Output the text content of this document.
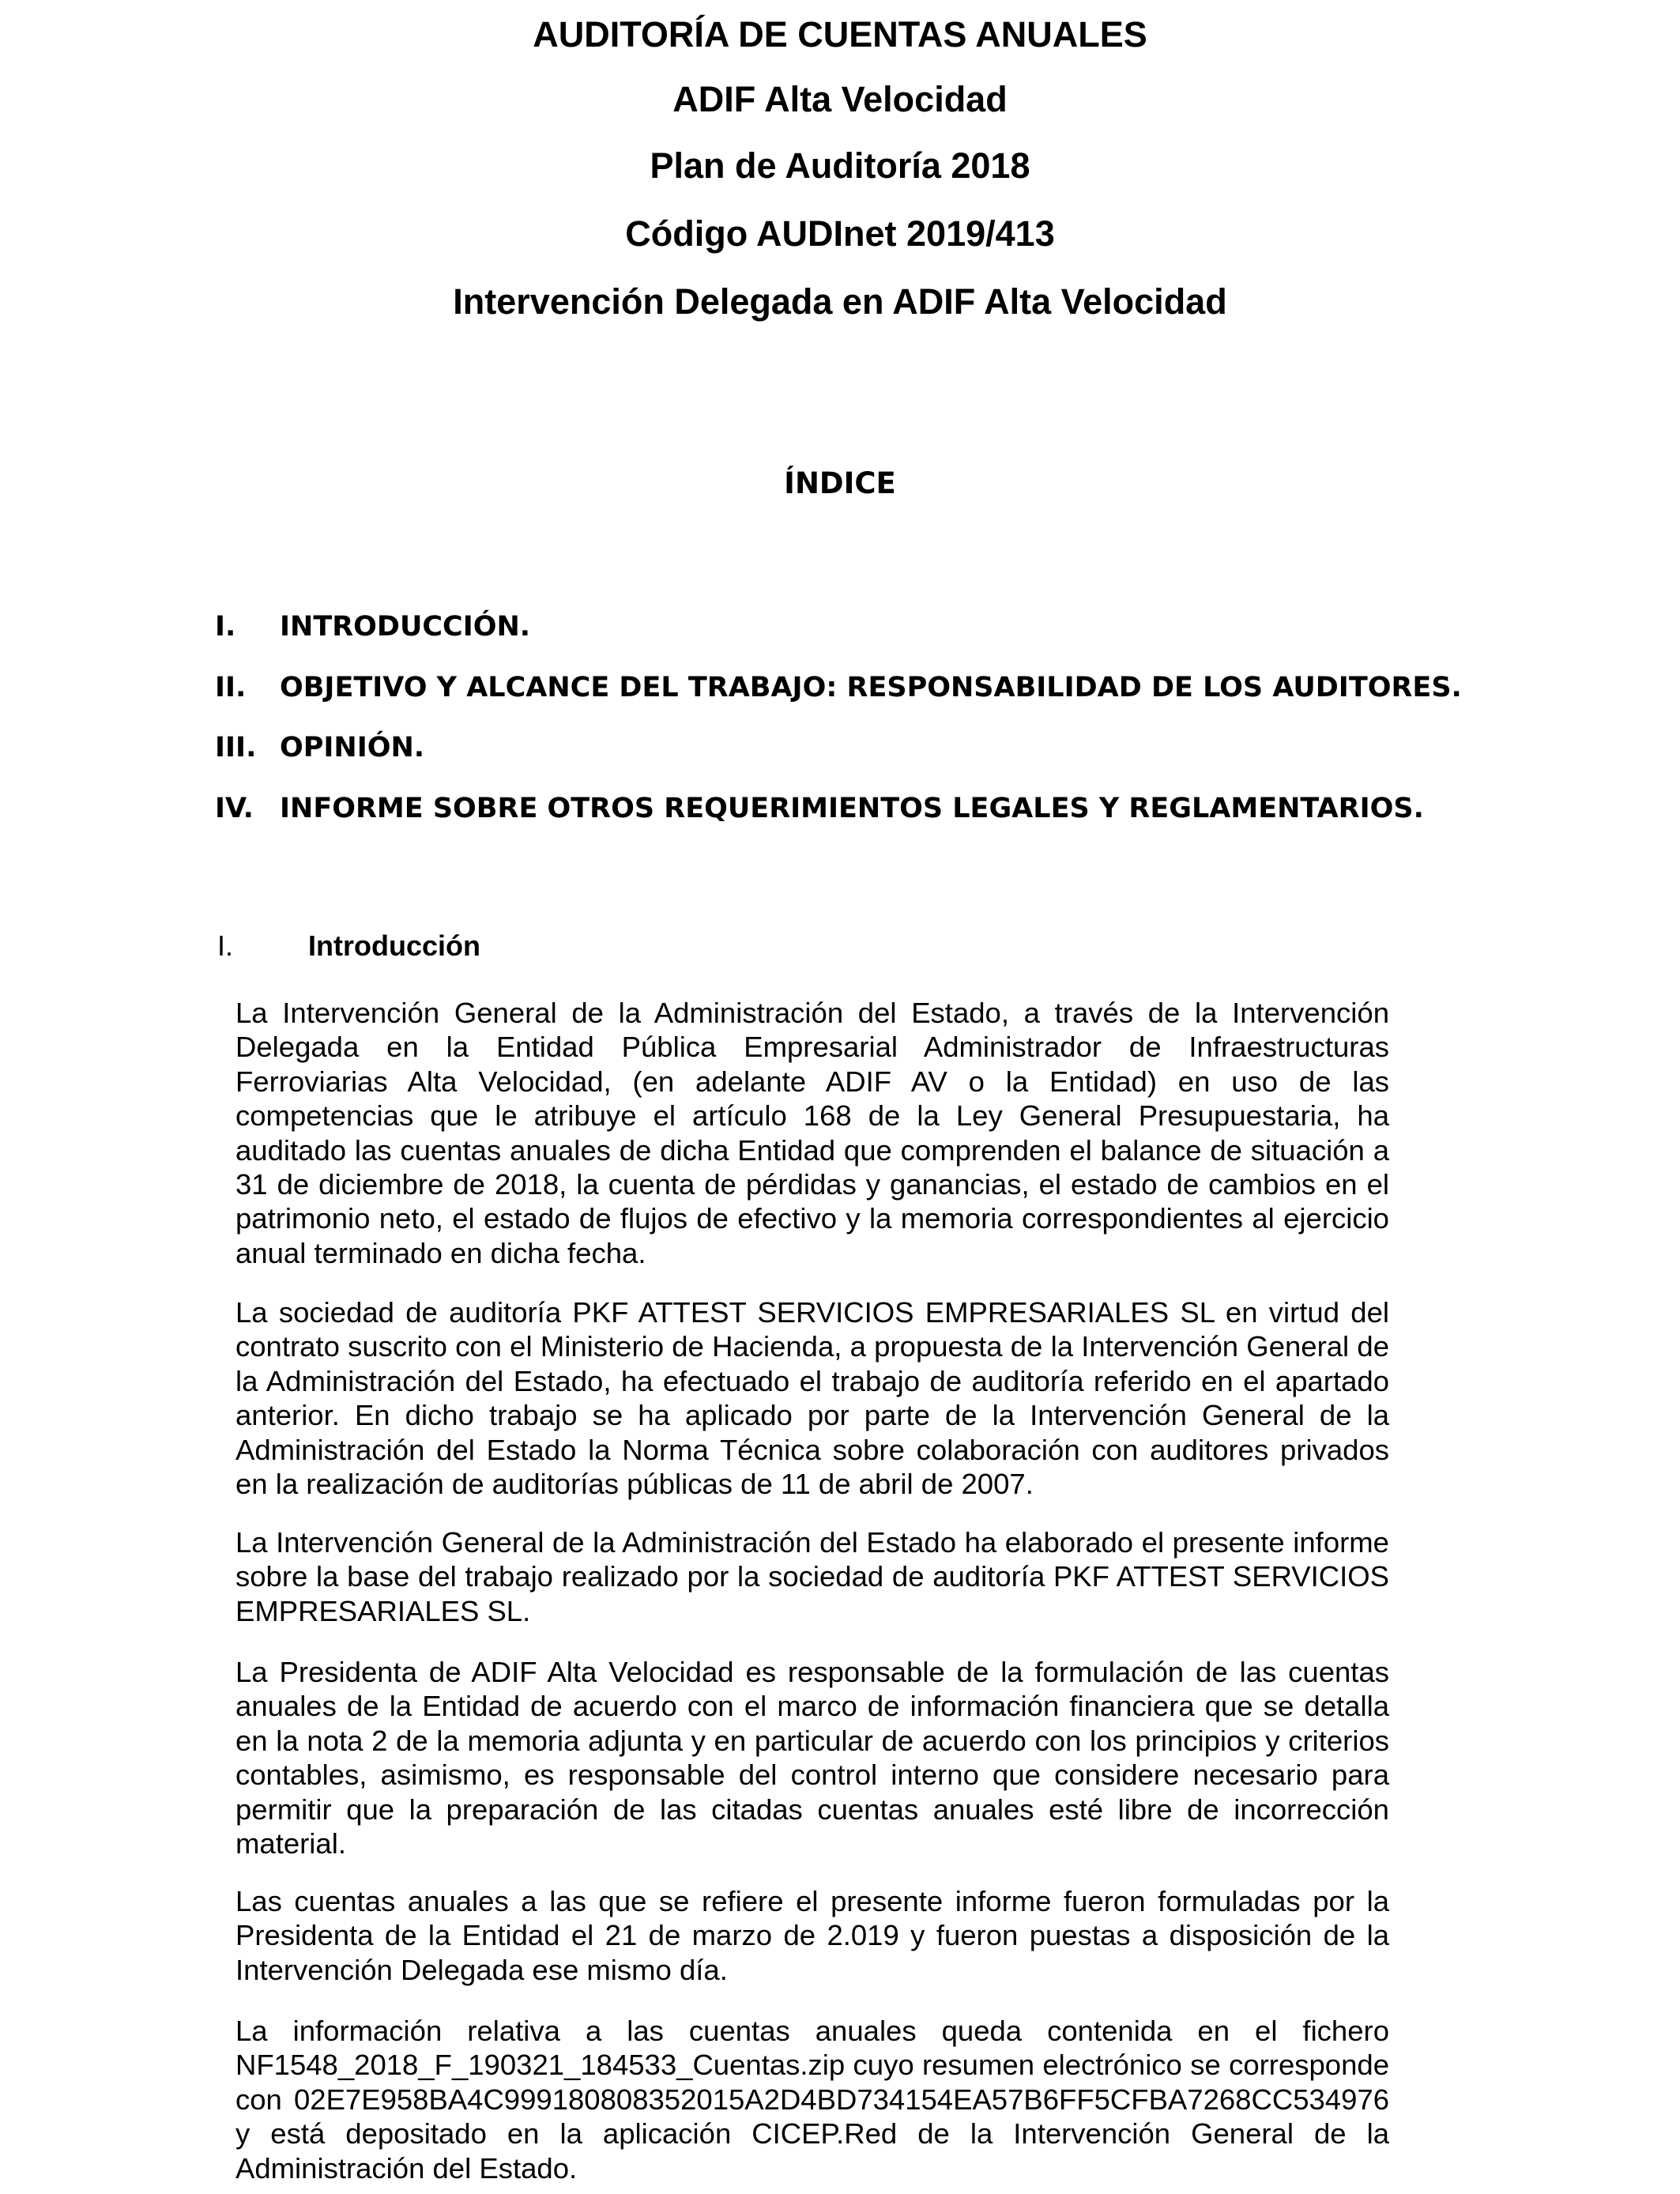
AUDITORÍA DE CUENTAS ANUALES
ADIF Alta Velocidad
Plan de Auditoría 2018
Código AUDInet 2019/413
Intervención Delegada en ADIF Alta Velocidad
ÍNDICE
I. INTRODUCCIÓN.
II. OBJETIVO Y ALCANCE DEL TRABAJO: RESPONSABILIDAD DE LOS AUDITORES.
III. OPINIÓN.
IV. INFORME SOBRE OTROS REQUERIMIENTOS LEGALES Y REGLAMENTARIOS.
I.	Introducción
La Intervención General de la Administración del Estado, a través de la Intervención Delegada en la Entidad Pública Empresarial Administrador de Infraestructuras Ferroviarias Alta Velocidad, (en adelante ADIF AV o la Entidad) en uso de las competencias que le atribuye el artículo 168 de la Ley General Presupuestaria, ha auditado las cuentas anuales de dicha Entidad que comprenden el balance de situación a 31 de diciembre de 2018, la cuenta de pérdidas y ganancias, el estado de cambios en el patrimonio neto, el estado de flujos de efectivo y la memoria correspondientes al ejercicio anual terminado en dicha fecha.
La sociedad de auditoría PKF ATTEST SERVICIOS EMPRESARIALES SL en virtud del contrato suscrito con el Ministerio de Hacienda, a propuesta de la Intervención General de la Administración del Estado, ha efectuado el trabajo de auditoría referido en el apartado anterior. En dicho trabajo se ha aplicado por parte de la Intervención General de la Administración del Estado la Norma Técnica sobre colaboración con auditores privados en la realización de auditorías públicas de 11 de abril de 2007.
La Intervención General de la Administración del Estado ha elaborado el presente informe sobre la base del trabajo realizado por la sociedad de auditoría PKF ATTEST SERVICIOS EMPRESARIALES SL.
La Presidenta de ADIF Alta Velocidad es responsable de la formulación de las cuentas anuales de la Entidad de acuerdo con el marco de información financiera que se detalla en la nota 2 de la memoria adjunta y en particular de acuerdo con los principios y criterios contables, asimismo, es responsable del control interno que considere necesario para permitir que la preparación de las citadas cuentas anuales esté libre de incorrección material.
Las cuentas anuales a las que se refiere el presente informe fueron formuladas por la Presidenta de la Entidad el 21 de marzo de 2.019 y fueron puestas a disposición de la Intervención Delegada ese mismo día.
La información relativa a las cuentas anuales queda contenida en el fichero NF1548_2018_F_190321_184533_Cuentas.zip cuyo resumen electrónico se corresponde con 02E7E958BA4C999180808352015A2D4BD734154EA57B6FF5CFBA7268CC534976 y está depositado en la aplicación CICEP.Red de la Intervención General de la Administración del Estado.
